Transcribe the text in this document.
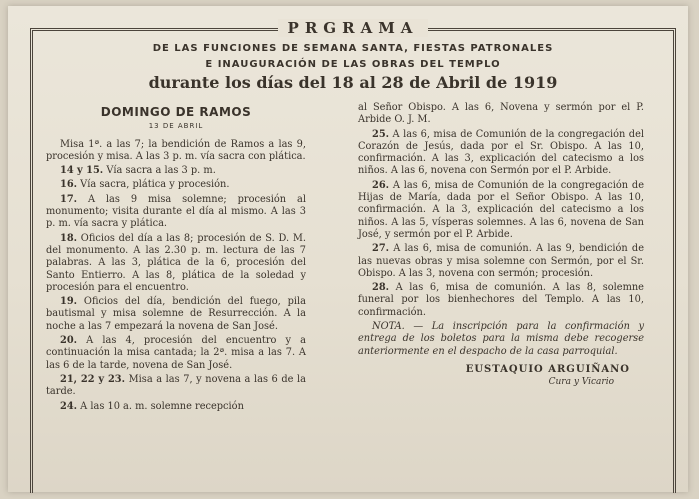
PRGRAMA
DE LAS FUNCIONES DE SEMANA SANTA, FIESTAS PATRONALES
E INAUGURACIÓN DE LAS OBRAS DEL TEMPLO
durante los días del 18 al 28 de Abril de 1919
DOMINGO DE RAMOS
13 DE ABRIL

Misa 1ª. a las 7; la bendición de Ramos a las 9, procesión y misa. A las 3 p. m. vía sacra con plática.

14 y 15. Vía sacra a las 3 p. m.

16. Vía sacra, plática y procesión.

17. A las 9 misa solemne; procesión al monumento; visita durante el día al mismo. A las 3 p. m. vía sacra y plática.

18. Oficios del día a las 8; procesión de S. D. M. del monumento. A las 2.30 p. m. lectura de las 7 palabras. A las 3, plática de la 6, procesión del Santo Entierro. A las 8, plática de la soledad y procesión para el encuentro.

19. Oficios del día, bendición del fuego, pila bautismal y misa solemne de Resurrección. A la noche a las 7 empezará la novena de San José.

20. A las 4, procesión del encuentro y a continuación la misa cantada; la 2ª. misa a las 7. A las 6 de la tarde, novena de San José.

21, 22 y 23. Misa a las 7, y novena a las 6 de la tarde.

24. A las 10 a. m. solemne recepción

al Señor Obispo. A las 6, Novena y sermón por el P. Arbide O. J. M.

25. A las 6, misa de Comunión de la congregación del Corazón de Jesús, dada por el Sr. Obispo. A las 10, confirmación. A las 3, explicación del catecismo a los niños. A las 6, novena con Sermón por el P. Arbide.

26. A las 6, misa de Comunión de la congregación de Hijas de María, dada por el Señor Obispo. A las 10, confirmación. A la 3, explicación del catecismo a los niños. A las 5, vísperas solemnes. A las 6, novena de San José, y sermón por el P. Arbide.

27. A las 6, misa de comunión. A las 9, bendición de las nuevas obras y misa solemne con Sermón, por el Sr. Obispo. A las 3, novena con sermón; procesión.

28. A las 6, misa de comunión. A las 8, solemne funeral por los bienhechores del Templo. A las 10, confirmación.

NOTA. — La inscripción para la confirmación y entrega de los boletos para la misma debe recogerse anteriormente en el despacho de la casa parroquial.

EUSTAQUIO ARGUIÑANO
Cura y Vicario
